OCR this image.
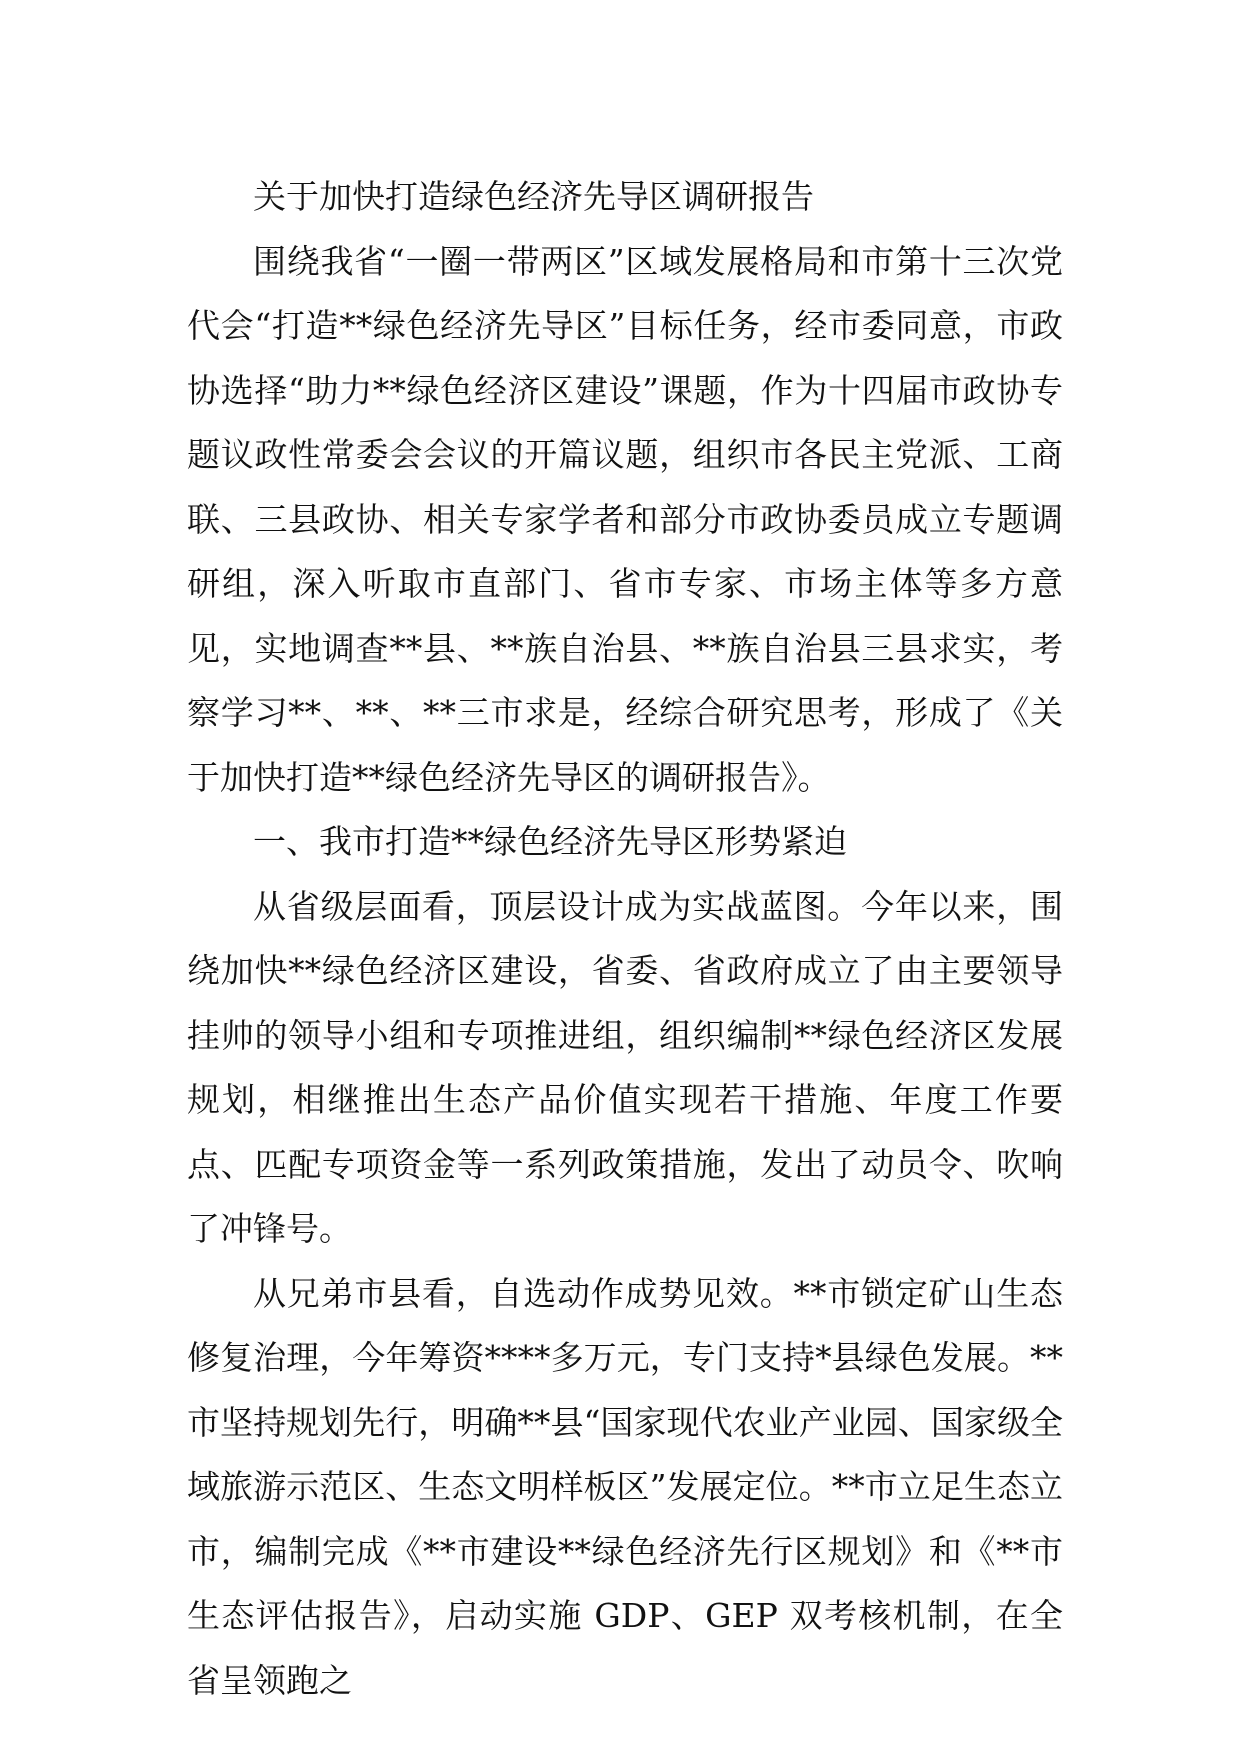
关于加快打造绿色经济先导区调研报告

围绕我省“一圈一带两区”区域发展格局和市第十三次党代会“打造**绿色经济先导区”目标任务，经市委同意，市政协选择“助力**绿色经济区建设”课题，作为十四届市政协专题议政性常委会会议的开篇议题，组织市各民主党派、工商联、三县政协、相关专家学者和部分市政协委员成立专题调研组，深入听取市直部门、省市专家、市场主体等多方意见，实地调查**县、**族自治县、**族自治县三县求实，考察学习**、**、**三市求是，经综合研究思考，形成了《关于加快打造**绿色经济先导区的调研报告》。

一、我市打造**绿色经济先导区形势紧迫

从省级层面看，顶层设计成为实战蓝图。今年以来，围绕加快**绿色经济区建设，省委、省政府成立了由主要领导挂帅的领导小组和专项推进组，组织编制**绿色经济区发展规划，相继推出生态产品价值实现若干措施、年度工作要点、匹配专项资金等一系列政策措施，发出了动员令、吹响了冲锋号。

从兄弟市县看，自选动作成势见效。**市锁定矿山生态修复治理，今年筹资****多万元，专门支持*县绿色发展。**市坚持规划先行，明确**县“国家现代农业产业园、国家级全域旅游示范区、生态文明样板区”发展定位。**市立足生态立市，编制完成《**市建设**绿色经济先行区规划》和《**市生态评估报告》，启动实施 GDP、GEP 双考核机制，在全省呈领跑之
